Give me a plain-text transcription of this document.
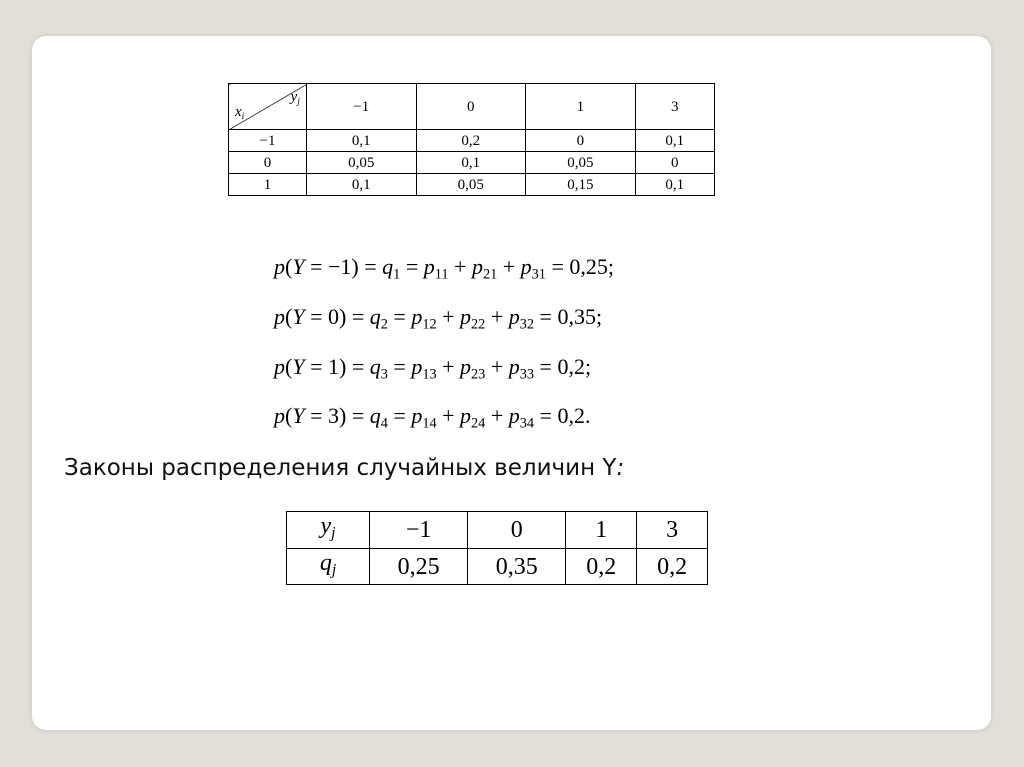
$y_j$
$x_i$	−1	0	1	3
−1	0,1	0,2	0	0,1
0	0,05	0,1	0,05	0
1	0,1	0,05	0,15	0,1
$p(Y = -1) = q_1 = p_{11} + p_{21} + p_{31} = 0,25$;
$p(Y = 0) = q_2 = p_{12} + p_{22} + p_{32} = 0,35$;
$p(Y = 1) = q_3 = p_{13} + p_{23} + p_{33} = 0,2$;
$p(Y = 3) = q_4 = p_{14} + p_{24} + p_{34} = 0,2$.
Законы распределения случайных величин Y:
$y_j$	−1	0	1	3
$q_j$	0,25	0,35	0,2	0,2
